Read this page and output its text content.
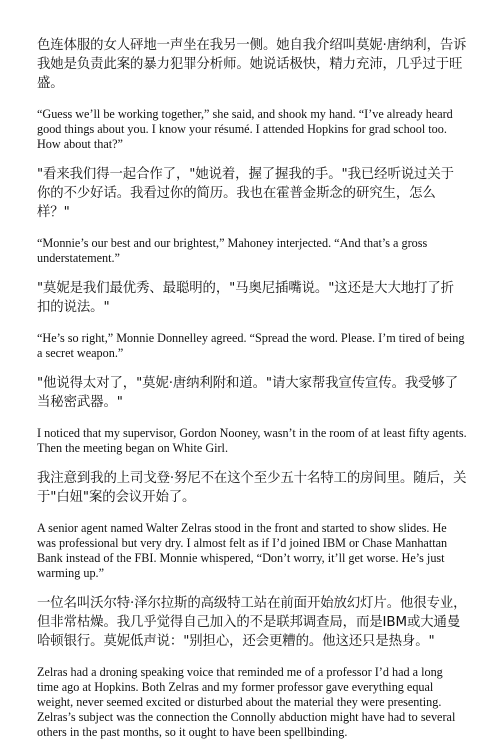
色连体服的女人砰地一声坐在我另一侧。她自我介绍叫莫妮·唐纳利，告诉我她是负责此案的暴力犯罪分析师。她说话极快，精力充沛，几乎过于旺盛。

“Guess we’ll be working together,” she said, and shook my hand. “I’ve already heard good things about you. I know your résumé. I attended Hopkins for grad school too. How about that?”

"看来我们得一起合作了，"她说着，握了握我的手。"我已经听说过关于你的不少好话。我看过你的简历。我也在霍普金斯念的研究生，怎么样？"

“Monnie’s our best and our brightest,” Mahoney interjected. “And that’s a gross understatement.”

"莫妮是我们最优秀、最聪明的，"马奥尼插嘴说。"这还是大大地打了折扣的说法。"

“He’s so right,” Monnie Donnelley agreed. “Spread the word. Please. I’m tired of being a secret weapon.”

"他说得太对了，"莫妮·唐纳利附和道。"请大家帮我宣传宣传。我受够了当秘密武器。"

I noticed that my supervisor, Gordon Nooney, wasn’t in the room of at least fifty agents. Then the meeting began on White Girl.

我注意到我的上司戈登·努尼不在这个至少五十名特工的房间里。随后，关于"白妞"案的会议开始了。

A senior agent named Walter Zelras stood in the front and started to show slides. He was professional but very dry. I almost felt as if I’d joined IBM or Chase Manhattan Bank instead of the FBI. Monnie whispered, “Don’t worry, it’ll get worse. He’s just warming up.”

一位名叫沃尔特·泽尔拉斯的高级特工站在前面开始放幻灯片。他很专业，但非常枯燥。我几乎觉得自己加入的不是联邦调查局，而是IBM或大通曼哈顿银行。莫妮低声说："别担心，还会更糟的。他这还只是热身。"

Zelras had a droning speaking voice that reminded me of a professor I’d had a long time ago at Hopkins. Both Zelras and my former professor gave everything equal weight, never seemed excited or disturbed about the material they were presenting. Zelras’s subject was the connection the Connolly abduction might have had to several others in the past months, so it ought to have been spellbinding.
